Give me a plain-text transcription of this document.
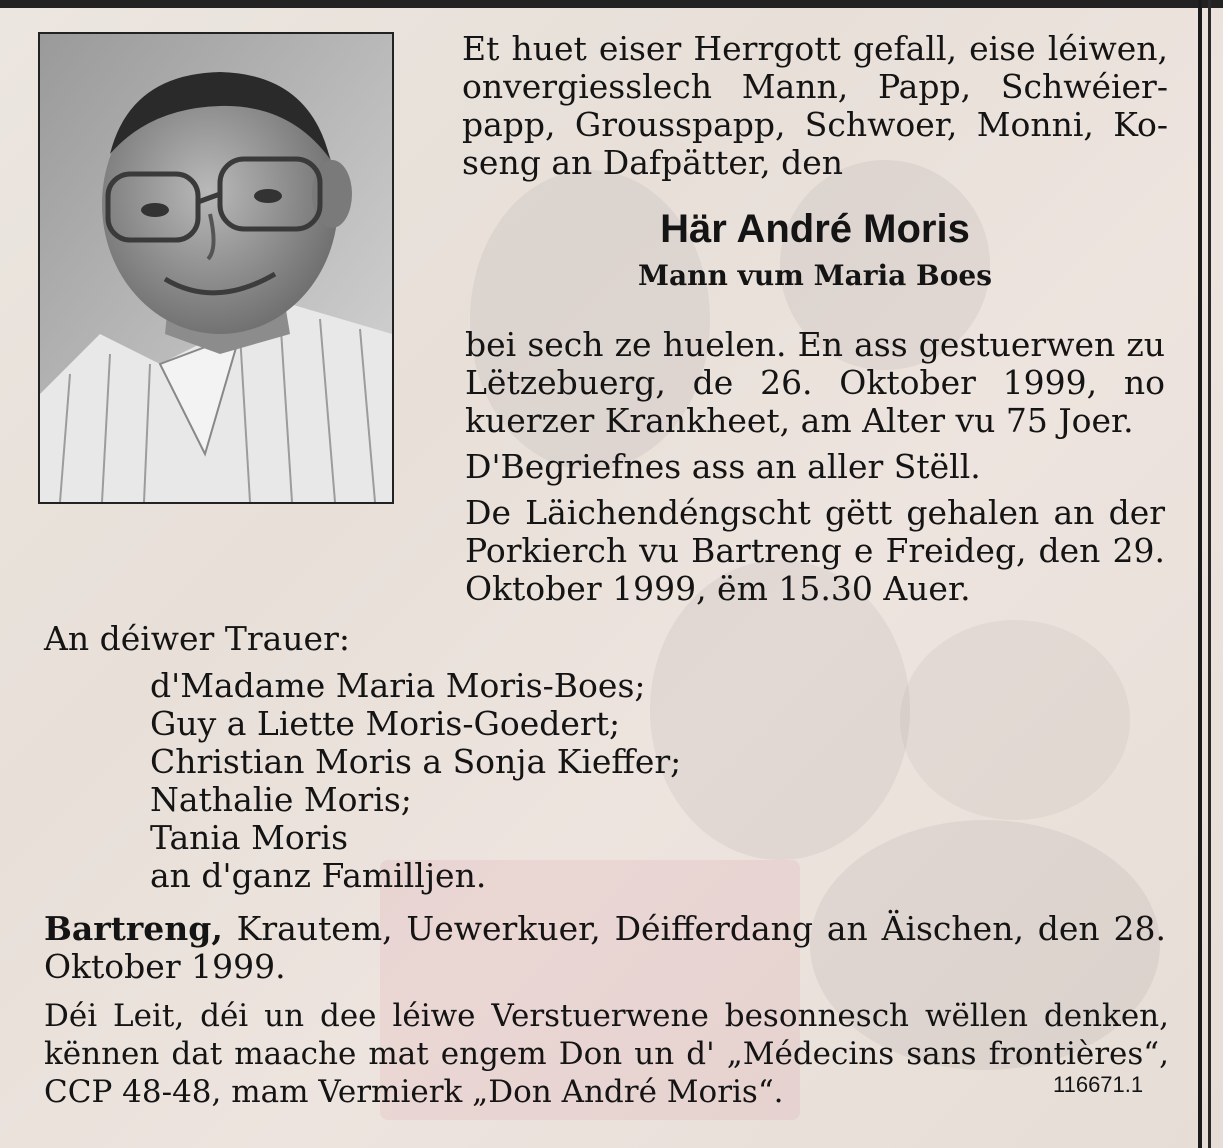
Et huet eiser Herrgott gefall, eise léiwen,
onvergiesslech Mann, Papp, Schwéier-
papp, Grousspapp, Schwoer, Monni, Ko-
seng an Dafpätter, den
Här André Moris
Mann vum Maria Boes
bei sech ze huelen. En ass gestuerwen zu
Lëtzebuerg, de 26. Oktober 1999, no
kuerzer Krankheet, am Alter vu 75 Joer.
D'Begriefnes ass an aller Stëll.
De Läichendéngscht gëtt gehalen an der
Porkierch vu Bartreng e Freideg, den 29.
Oktober 1999, ëm 15.30 Auer.
An déiwer Trauer:
d'Madame Maria Moris-Boes;
Guy a Liette Moris-Goedert;
Christian Moris a Sonja Kieffer;
Nathalie Moris;
Tania Moris
an d'ganz Familljen.
Bartreng, Krautem, Uewerkuer, Déifferdang an Äischen, den 28.
Oktober 1999.
Déi Leit, déi un dee léiwe Verstuerwene besonnesch wëllen denken,
kënnen dat maache mat engem Don un d' „Médecins sans frontières“,
CCP 48-48, mam Vermierk „Don André Moris“.	116671.1
